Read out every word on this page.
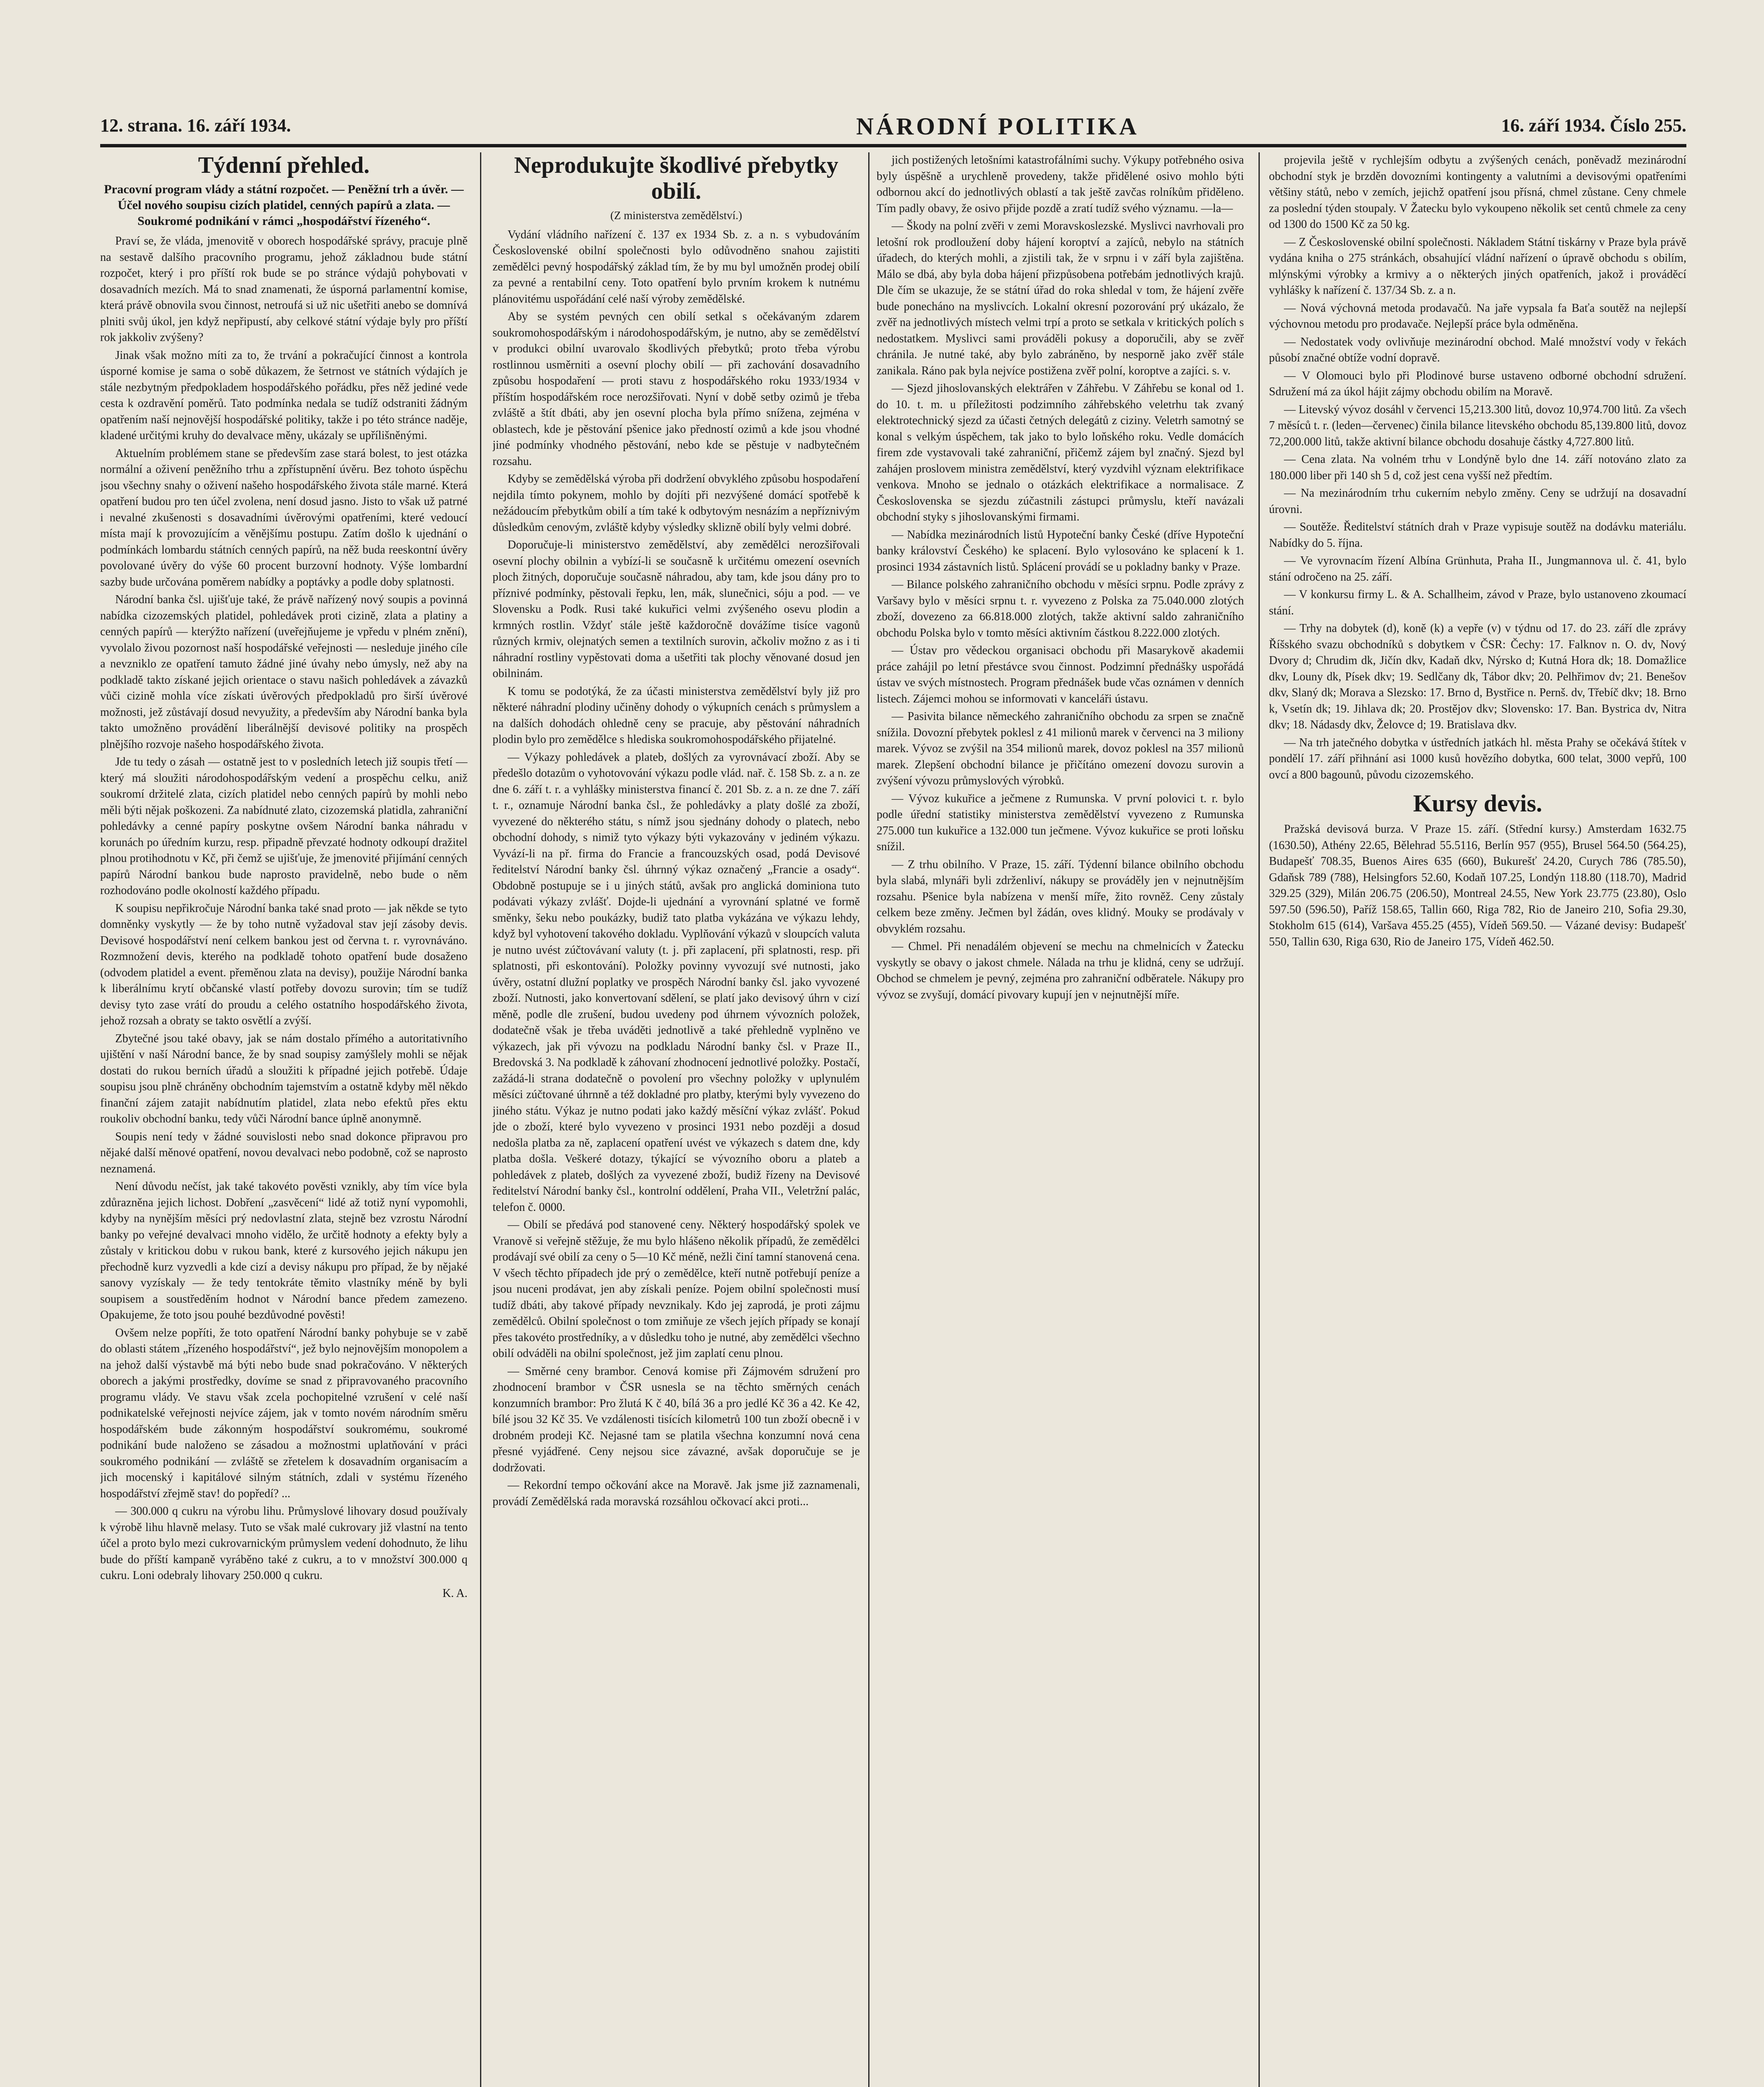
12. strana. 16. září 1934.	NÁRODNÍ POLITIKA	16. září 1934. Číslo 255.
Týdenní přehled.
Pracovní program vlády a státní rozpočet. — Peněžní trh a úvěr. — Účel nového soupisu cizích platidel, cenných papírů a zlata. — Soukromé podnikání v rámci „hospodářství řízeného“.

Praví se, že vláda, jmenovitě v oborech hospodářské správy, pracuje plně na sestavě dalšího pracovního programu, jehož základnou bude státní rozpočet, který i pro příští rok bude se po stránce výdajů pohybovati v dosavadních mezích. Má to snad znamenati, že úsporná parlamentní komise, která právě obnovila svou činnost, netroufá si už nic ušetřiti anebo se domnívá plniti svůj úkol, jen když nepřipustí, aby celkové státní výdaje byly pro příští rok jakkoliv zvýšeny?

Jinak však možno míti za to, že trvání a pokračující činnost a kontrola úsporné komise je sama o sobě důkazem, že šetrnost ve státních výdajích je stále nezbytným předpokladem hospodářského pořádku, přes něž jediné vede cesta k ozdravění poměrů. Tato podmínka nedala se tudíž odstraniti žádným opatřením naší nejnovější hospodářské politiky, takže i po této stránce naděje, kladené určitými kruhy do devalvace měny, ukázaly se upřílišněnými.

Aktuelním problémem stane se především zase stará bolest, to jest otázka normální a oživení peněžního trhu a zpřístupnění úvěru. Bez tohoto úspěchu jsou všechny snahy o oživení našeho hospodářského života stále marné. Která opatření budou pro ten účel zvolena, není dosud jasno. Jisto to však už patrné i nevalné zkušenosti s dosavadními úvěrovými opatřeními, které vedoucí místa mají k provozujícím a věnějšímu postupu. Zatím došlo k ujednání o podmínkách lombardu státních cenných papírů, na něž buda reeskontní úvěry povolované úvěry do výše 60 procent burzovní hodnoty. Výše lombardní sazby bude určována poměrem nabídky a poptávky a podle doby splatnosti.

Národní banka čsl. ujišťuje také, že právě nařízený nový soupis a povinná nabídka cizozemských platidel, pohledávek proti cizině, zlata a platiny a cenných papírů — kterýžto nařízení (uveřejňujeme je vpředu v plném znění), vyvolalo živou pozornost naší hospodářské veřejnosti — nesleduje jiného cíle a nevzniklo ze opatření tamuto žádné jiné úvahy nebo úmysly, než aby na podkladě takto získané jejich orientace o stavu našich pohledávek a závazků vůči cizině mohla více získati úvěrových předpokladů pro širší úvěrové možnosti, jež zůstávají dosud nevyužity, a především aby Národní banka byla takto umožněno provádění liberálnější devisové politiky na prospěch plnějšího rozvoje našeho hospodářského života.

Jde tu tedy o zásah — ostatně jest to v posledních letech již soupis třetí — který má sloužiti národohospodářským vedení a prospěchu celku, aniž soukromí držitelé zlata, cizích platidel nebo cenných papírů by mohli nebo měli býti nějak poškozeni. Za nabídnuté zlato, cizozemská platidla, zahraniční pohledávky a cenné papíry poskytne ovšem Národní banka náhradu v korunách po úředním kurzu, resp. připadně převzaté hodnoty odkoupí dražitel plnou protihodnotu v Kč, při čemž se ujišťuje, že jmenovité přijímání cenných papírů Národní bankou bude naprosto pravidelně, nebo bude o něm rozhodováno podle okolností každého případu.

K soupisu nepřikročuje Národní banka také snad proto — jak někde se tyto domněnky vyskytly — že by toho nutně vyžadoval stav její zásoby devis. Devisové hospodářství není celkem bankou jest od června t. r. vyrovnáváno. Rozmnožení devis, kterého na podkladě tohoto opatření bude dosaženo (odvodem platidel a event. přeměnou zlata na devisy), použije Národní banka k liberálnímu krytí občanské vlastí potřeby dovozu surovin; tím se tudíž devisy tyto zase vrátí do proudu a celého ostatního hospodářského života, jehož rozsah a obraty se takto osvětlí a zvýší.

Zbytečné jsou také obavy, jak se nám dostalo přímého a autoritativního ujištění v naší Národní bance, že by snad soupisy zamýšlely mohli se nějak dostati do rukou berních úřadů a sloužiti k případné jejich potřebě. Údaje soupisu jsou plně chráněny obchodním tajemstvím a ostatně kdyby měl někdo finanční zájem zatajit nabídnutím platidel, zlata nebo efektů přes ektu roukoliv obchodní banku, tedy vůči Národní bance úplně anonymně.

Soupis není tedy v žádné souvislosti nebo snad dokonce připravou pro nějaké další měnové opatření, novou devalvaci nebo podobně, což se naprosto neznamená.

Není důvodu nečíst, jak také takovéto pověsti vznikly, aby tím více byla zdůrazněna jejich lichost. Dobření „zasvěcení“ lidé až totiž nyní vypomohli, kdyby na nynějším měsíci prý nedovlastní zlata, stejně bez vzrostu Národní banky po veřejné devalvaci mnoho vidělo, že určitě hodnoty a efekty byly a zůstaly v kritickou dobu v rukou bank, které z kursového jejich nákupu jen přechodně kurz vyzvedli a kde cizí a devisy nákupu pro případ, že by nějaké sanovy vyzískaly — že tedy tentokráte těmito vlastníky méně by byli soupisem a soustředěním hodnot v Národní bance předem zamezeno. Opakujeme, že toto jsou pouhé bezdůvodné pověsti!

Ovšem nelze popříti, že toto opatření Národní banky pohybuje se v zabě do oblasti státem „řízeného hospodářství“, jež bylo nejnovějším monopolem a na jehož další výstavbě má býti nebo bude snad pokračováno. V některých oborech a jakými prostředky, dovíme se snad z připravovaného pracovního programu vlády. Ve stavu však zcela pochopitelné vzrušení v celé naší podnikatelské veřejnosti nejvíce zájem, jak v tomto novém národním směru hospodářském bude zákonným hospodářství soukromému, soukromé podnikání bude naloženo se zásadou a možnostmi uplatňování v práci soukromého podnikání — zvláště se zřetelem k dosavadním organisacím a jich mocenský i kapitálové silným státních, zdali v systému řízeného hospodářství zřejmě stav! do popředí? ...

— 300.000 q cukru na výrobu lihu. Průmyslové lihovary dosud používaly k výrobě lihu hlavně melasy. Tuto se však malé cukrovary již vlastní na tento účel a proto bylo mezi cukrovarnickým průmyslem vedení dohodnuto, že lihu bude do příští kampaně vyráběno také z cukru, a to v množství 300.000 q cukru. Loni odebraly lihovary 250.000 q cukru.

K. A.

Neprodukujte škodlivé přebytky obilí.
(Z ministerstva zemědělství.)

Vydání vládního nařízení č. 137 ex 1934 Sb. z. a n. s vybudováním Československé obilní společnosti bylo odůvodněno snahou zajistiti zemědělci pevný hospodářský základ tím, že by mu byl umožněn prodej obilí za pevné a rentabilní ceny. Toto opatření bylo prvním krokem k nutnému plánovitému uspořádání celé naší výroby zemědělské.

Aby se systém pevných cen obilí setkal s očekávaným zdarem soukromohospodářským i národohospodářským, je nutno, aby se zemědělství v produkci obilní uvarovalo škodlivých přebytků; proto třeba výrobu rostlinnou usměrniti a osevní plochy obilí — při zachování dosavadního způsobu hospodaření — proti stavu z hospodářského roku 1933/1934 v příštím hospodářském roce nerozšiřovati. Nyní v době setby ozimů je třeba zvláště a štít dbáti, aby jen osevní plocha byla přímo snížena, zejména v oblastech, kde je pěstování pšenice jako předností ozimů a kde jsou vhodné jiné podmínky vhodného pěstování, nebo kde se pěstuje v nadbytečném rozsahu.

Kdyby se zemědělská výroba při dodržení obvyklého způsobu hospodaření nejdila tímto pokynem, mohlo by dojíti při nezvýšené domácí spotřebě k nežádoucím přebytkům obilí a tím také k odbytovým nesnázím a nepříznivým důsledkům cenovým, zvláště kdyby výsledky sklizně obilí byly velmi dobré.

Doporučuje-li ministerstvo zemědělství, aby zemědělci nerozšiřovali osevní plochy obilnin a vybízí-li se současně k určitému omezení osevních ploch žitných, doporučuje současně náhradou, aby tam, kde jsou dány pro to příznivé podmínky, pěstovali řepku, len, mák, slunečnici, sóju a pod. — ve Slovensku a Podk. Rusi také kukuřici velmi zvýšeného osevu plodin a krmných rostlin. Vždyť stále ještě každoročně dovážíme tisíce vagonů různých krmiv, olejnatých semen a textilních surovin, ačkoliv možno z as i ti náhradní rostliny vypěstovati doma a ušetřiti tak plochy věnované dosud jen obilninám.

K tomu se podotýká, že za účasti ministerstva zemědělství byly již pro některé náhradní plodiny učiněny dohody o výkupních cenách s průmyslem a na dalších dohodách ohledně ceny se pracuje, aby pěstování náhradních plodin bylo pro zemědělce s hlediska soukromohospodářského přijatelné.

— Výkazy pohledávek a plateb, došlých za vyrovnávací zboží. Aby se předešlo dotazům o vyhotovování výkazu podle vlád. nař. č. 158 Sb. z. a n. ze dne 6. září t. r. a vyhlášky ministerstva financí č. 201 Sb. z. a n. ze dne 7. září t. r., oznamuje Národní banka čsl., že pohledávky a platy došlé za zboží, vyvezené do některého státu, s nímž jsou sjednány dohody o platech, nebo obchodní dohody, s nimiž tyto výkazy býti vykazovány v jediném výkazu. Vyvází-li na př. firma do Francie a francouzských osad, podá Devisové ředitelství Národní banky čsl. úhrnný výkaz označený „Francie a osady“. Obdobně postupuje se i u jiných států, avšak pro anglická dominiona tuto podávati výkazy zvlášť. Dojde-li ujednání a vyrovnání splatné ve formě směnky, šeku nebo poukázky, budiž tato platba vykázána ve výkazu lehdy, když byl vyhotovení takového dokladu. Vyplňování výkazů v sloupcích valuta je nutno uvést zúčtovávaní valuty (t. j. při zaplacení, při splatnosti, resp. při splatnosti, při eskontování). Položky povinny vyvozují své nutnosti, jako úvěry, ostatní dlužní poplatky ve prospěch Národní banky čsl. jako vyvozené zboží. Nutnosti, jako konvertovaní sdělení, se platí jako devisový úhrn v cizí měně, podle dle zrušení, budou uvedeny pod úhrnem vývozních položek, dodatečně však je třeba uváděti jednotlivě a také přehledně vyplněno ve výkazech, jak při vývozu na podkladu Národní banky čsl. v Praze II., Bredovská 3. Na podkladě k záhovaní zhodnocení jednotlivé položky. Postačí, zažádá-li strana dodatečně o povolení pro všechny položky v uplynulém měsíci zúčtované úhrnně a též dokladné pro platby, kterými byly vyvezeno do jiného státu. Výkaz je nutno podati jako každý měsíční výkaz zvlášť. Pokud jde o zboží, které bylo vyvezeno v prosinci 1931 nebo později a dosud nedošla platba za ně, zaplacení opatření uvést ve výkazech s datem dne, kdy platba došla. Veškeré dotazy, týkající se vývozního oboru a plateb a pohledávek z plateb, došlých za vyvezené zboží, budiž řízeny na Devisové ředitelství Národní banky čsl., kontrolní oddělení, Praha VII., Veletržní palác, telefon č. 0000.

— Obilí se předává pod stanovené ceny. Některý hospodářský spolek ve Vranově si veřejně stěžuje, že mu bylo hlášeno několik případů, že zemědělci prodávají své obilí za ceny o 5—10 Kč méně, nežli činí tamní stanovená cena. V všech těchto případech jde prý o zemědělce, kteří nutně potřebují peníze a jsou nuceni prodávat, jen aby získali peníze. Pojem obilní společnosti musí tudíž dbáti, aby takové případy nevznikaly. Kdo jej zaprodá, je proti zájmu zemědělců. Obilní společnost o tom zmiňuje ze všech jejích případy se konají přes takovéto prostředníky, a v důsledku toho je nutné, aby zemědělci všechno obilí odváděli na obilní společnost, jež jim zaplatí cenu plnou.

— Směrné ceny brambor. Cenová komise při Zájmovém sdružení pro zhodnocení brambor v ČSR usnesla se na těchto směrných cenách konzumních brambor: Pro žlutá K č 40, bílá 36 a pro jedlé Kč 36 a 42. Ke 42, bílé jsou 32 Kč 35. Ve vzdálenosti tisících kilometrů 100 tun zboží obecně i v drobném prodeji Kč. Nejasné tam se platila všechna konzumní nová cena přesné vyjádřené. Ceny nejsou sice závazné, avšak doporučuje se je dodržovati.

— Rekordní tempo očkování akce na Moravě. Jak jsme již zaznamenali, provádí Zemědělská rada moravská rozsáhlou očkovací akci proti...

jich postižených letošními katastrofálními suchy. Výkupy potřebného osiva byly úspěšně a urychleně provedeny, takže přidělené osivo mohlo býti odbornou akcí do jednotlivých oblastí a tak ještě zavčas rolníkům přiděleno. Tím padly obavy, že osivo přijde pozdě a zratí tudíž svého významu. —la—

— Škody na polní zvěři v zemi Moravskoslezské. Myslivci navrhovali pro letošní rok prodloužení doby hájení koroptví a zajíců, nebylo na státních úřadech, do kterých mohli, a zjistili tak, že v srpnu i v září byla zajištěna. Málo se dbá, aby byla doba hájení přizpůsobena potřebám jednotlivých krajů. Dle čím se ukazuje, že se státní úřad do roka shledal v tom, že hájení zvěře bude ponecháno na myslivcích. Lokalní okresní pozorování prý ukázalo, že zvěř na jednotlivých místech velmi trpí a proto se setkala v kritických polích s nedostatkem. Myslivci sami prováděli pokusy a doporučili, aby se zvěř chránila. Je nutné také, aby bylo zabráněno, by nesporně jako zvěř stále zanikala. Ráno pak byla nejvíce postižena zvěř polní, koroptve a zajíci. s. v.

— Sjezd jihoslovanských elektrářen v Záhřebu. V Záhřebu se konal od 1. do 10. t. m. u příležitosti podzimního záhřebského veletrhu tak zvaný elektrotechnický sjezd za účasti četných delegátů z ciziny. Veletrh samotný se konal s velkým úspěchem, tak jako to bylo loňského roku. Vedle domácích firem zde vystavovali také zahraniční, přičemž zájem byl značný. Sjezd byl zahájen proslovem ministra zemědělství, který vyzdvihl význam elektrifikace venkova. Mnoho se jednalo o otázkách elektrifikace a normalisace. Z Československa se sjezdu zúčastnili zástupci průmyslu, kteří navázali obchodní styky s jihoslovanskými firmami.

— Nabídka mezinárodních listů Hypoteční banky České (dříve Hypoteční banky království Českého) ke splacení. Bylo vylosováno ke splacení k 1. prosinci 1934 zástavních listů. Splácení provádí se u pokladny banky v Praze.

— Bilance polského zahraničního obchodu v měsíci srpnu. Podle zprávy z Varšavy bylo v měsíci srpnu t. r. vyvezeno z Polska za 75.040.000 zlotých zboží, dovezeno za 66.818.000 zlotých, takže aktivní saldo zahraničního obchodu Polska bylo v tomto měsíci aktivním částkou 8.222.000 zlotých.

— Ústav pro vědeckou organisaci obchodu při Masarykově akademii práce zahájil po letní přestávce svou činnost. Podzimní přednášky uspořádá ústav ve svých místnostech. Program přednášek bude včas oznámen v denních listech. Zájemci mohou se informovati v kanceláři ústavu.

— Pasivita bilance německého zahraničního obchodu za srpen se značně snížila. Dovozní přebytek poklesl z 41 milionů marek v červenci na 3 miliony marek. Vývoz se zvýšil na 354 milionů marek, dovoz poklesl na 357 milionů marek. Zlepšení obchodní bilance je přičítáno omezení dovozu surovin a zvýšení vývozu průmyslových výrobků.

— Vývoz kukuřice a ječmene z Rumunska. V první polovici t. r. bylo podle úřední statistiky ministerstva zemědělství vyvezeno z Rumunska 275.000 tun kukuřice a 132.000 tun ječmene. Vývoz kukuřice se proti loňsku snížil.

— Z trhu obilního. V Praze, 15. září. Týdenní bilance obilního obchodu byla slabá, mlynáři byli zdrženliví, nákupy se prováděly jen v nejnutnějším rozsahu. Pšenice byla nabízena v menší míře, žito rovněž. Ceny zůstaly celkem beze změny. Ječmen byl žádán, oves klidný. Mouky se prodávaly v obvyklém rozsahu.

— Chmel. Při nenadálém objevení se mechu na chmelnicích v Žatecku vyskytly se obavy o jakost chmele. Nálada na trhu je klidná, ceny se udržují. Obchod se chmelem je pevný, zejména pro zahraniční odběratele. Nákupy pro vývoz se zvyšují, domácí pivovary kupují jen v nejnutnější míře.

projevila ještě v rychlejším odbytu a zvýšených cenách, poněvadž mezinárodní obchodní styk je brzděn dovozními kontingenty a valutními a devisovými opatřeními většiny států, nebo v zemích, jejichž opatření jsou přísná, chmel zůstane. Ceny chmele za poslední týden stoupaly. V Žatecku bylo vykoupeno několik set centů chmele za ceny od 1300 do 1500 Kč za 50 kg.

— Z Československé obilní společnosti. Nákladem Státní tiskárny v Praze byla právě vydána kniha o 275 stránkách, obsahující vládní nařízení o úpravě obchodu s obilím, mlýnskými výrobky a krmivy a o některých jiných opatřeních, jakož i prováděcí vyhlášky k nařízení č. 137/34 Sb. z. a n.

— Nová výchovná metoda prodavačů. Na jaře vypsala fa Baťa soutěž na nejlepší výchovnou metodu pro prodavače. Nejlepší práce byla odměněna.

— Nedostatek vody ovlivňuje mezinárodní obchod. Malé množství vody v řekách působí značné obtíže vodní dopravě.

— V Olomouci bylo při Plodinové burse ustaveno odborné obchodní sdružení. Sdružení má za úkol hájit zájmy obchodu obilím na Moravě.

— Litevský vývoz dosáhl v červenci 15,213.300 litů, dovoz 10,974.700 litů. Za všech 7 měsíců t. r. (leden—červenec) činila bilance litevského obchodu 85,139.800 litů, dovoz 72,200.000 litů, takže aktivní bilance obchodu dosahuje částky 4,727.800 litů.

— Cena zlata. Na volném trhu v Londýně bylo dne 14. září notováno zlato za 180.000 liber při 140 sh 5 d, což jest cena vyšší než předtím.

— Na mezinárodním trhu cukerním nebylo změny. Ceny se udržují na dosavadní úrovni.

— Soutěže. Ředitelství státních drah v Praze vypisuje soutěž na dodávku materiálu. Nabídky do 5. října.

— Ve vyrovnacím řízení Albína Grünhuta, Praha II., Jungmannova ul. č. 41, bylo stání odročeno na 25. září.

— V konkursu firmy L. & A. Schallheim, závod v Praze, bylo ustanoveno zkoumací stání.

— Trhy na dobytek (d), koně (k) a vepře (v) v týdnu od 17. do 23. září dle zprávy Říšského svazu obchodníků s dobytkem v ČSR: Čechy: 17. Falknov n. O. dv, Nový Dvory d; Chrudim dk, Jičín dkv, Kadaň dkv, Nýrsko d; Kutná Hora dk; 18. Domažlice dkv, Louny dk, Písek dkv; 19. Sedlčany dk, Tábor dkv; 20. Pelhřimov dv; 21. Benešov dkv, Slaný dk; Morava a Slezsko: 17. Brno d, Bystřice n. Pernš. dv, Třebíč dkv; 18. Brno k, Vsetín dk; 19. Jihlava dk; 20. Prostějov dkv; Slovensko: 17. Ban. Bystrica dv, Nitra dkv; 18. Nádasdy dkv, Želovce d; 19. Bratislava dkv.

— Na trh jatečného dobytka v ústředních jatkách hl. města Prahy se očekává štítek v pondělí 17. září přihnání asi 1000 kusů hovězího dobytka, 600 telat, 3000 vepřů, 100 ovcí a 800 bagounů, původu cizozemského.

Kursy devis.

Pražská devisová burza. V Praze 15. září. (Střední kursy.) Amsterdam 1632.75 (1630.50), Athény 22.65, Bělehrad 55.5116, Berlín 957 (955), Brusel 564.50 (564.25), Budapešť 708.35, Buenos Aires 635 (660), Bukurešť 24.20, Curych 786 (785.50), Gdaňsk 789 (788), Helsingfors 52.60, Kodaň 107.25, Londýn 118.80 (118.70), Madrid 329.25 (329), Milán 206.75 (206.50), Montreal 24.55, New York 23.775 (23.80), Oslo 597.50 (596.50), Paříž 158.65, Tallin 660, Riga 782, Rio de Janeiro 210, Sofia 29.30, Stokholm 615 (614), Varšava 455.25 (455), Vídeň 569.50. — Vázané devisy: Budapešť 550, Tallin 630, Riga 630, Rio de Janeiro 175, Vídeň 462.50.
